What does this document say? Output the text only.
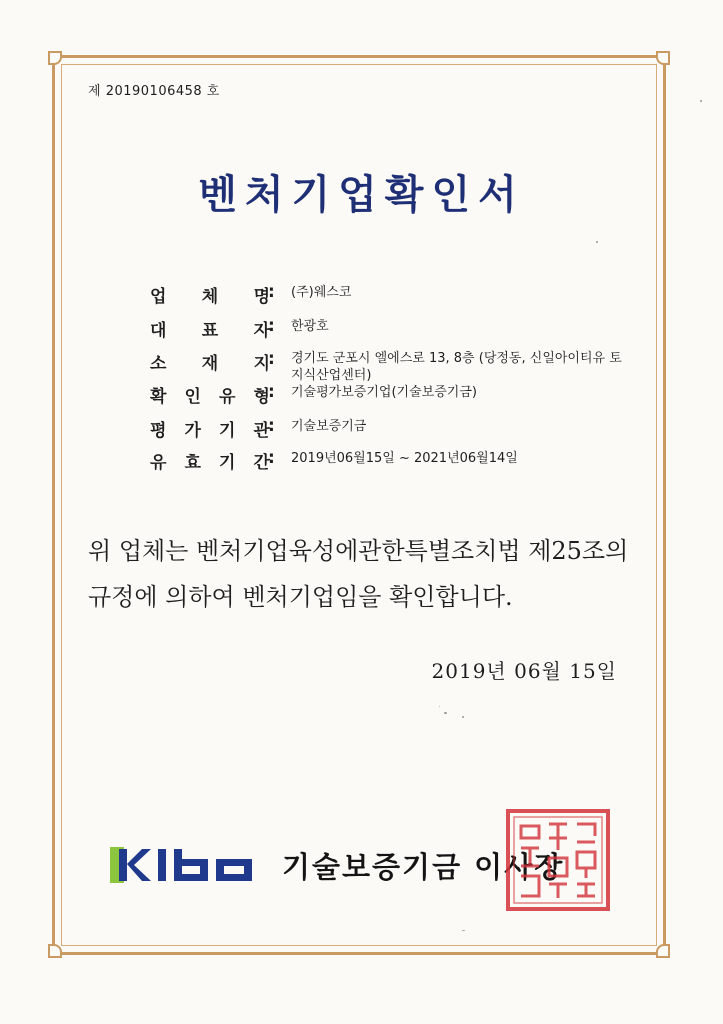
제 20190106458 호
벤처기업확인서
업 체 명
: (주)웨스코
대 표 자
: 한광호
소 재 지
: 경기도 군포시 엘에스로 13, 8층 (당정동, 신일아이티유 토지식산업센터)
확 인 유 형
: 기술평가보증기업(기술보증기금)
평 가 기 관
: 기술보증기금
유 효 기 간
: 2019년06월15일 ~ 2021년06월14일
위 업체는 벤처기업육성에관한특별조치법 제25조의
규정에 의하여 벤처기업임을 확인합니다.
2019년 06월 15일
·
기술보증기금 이사장
